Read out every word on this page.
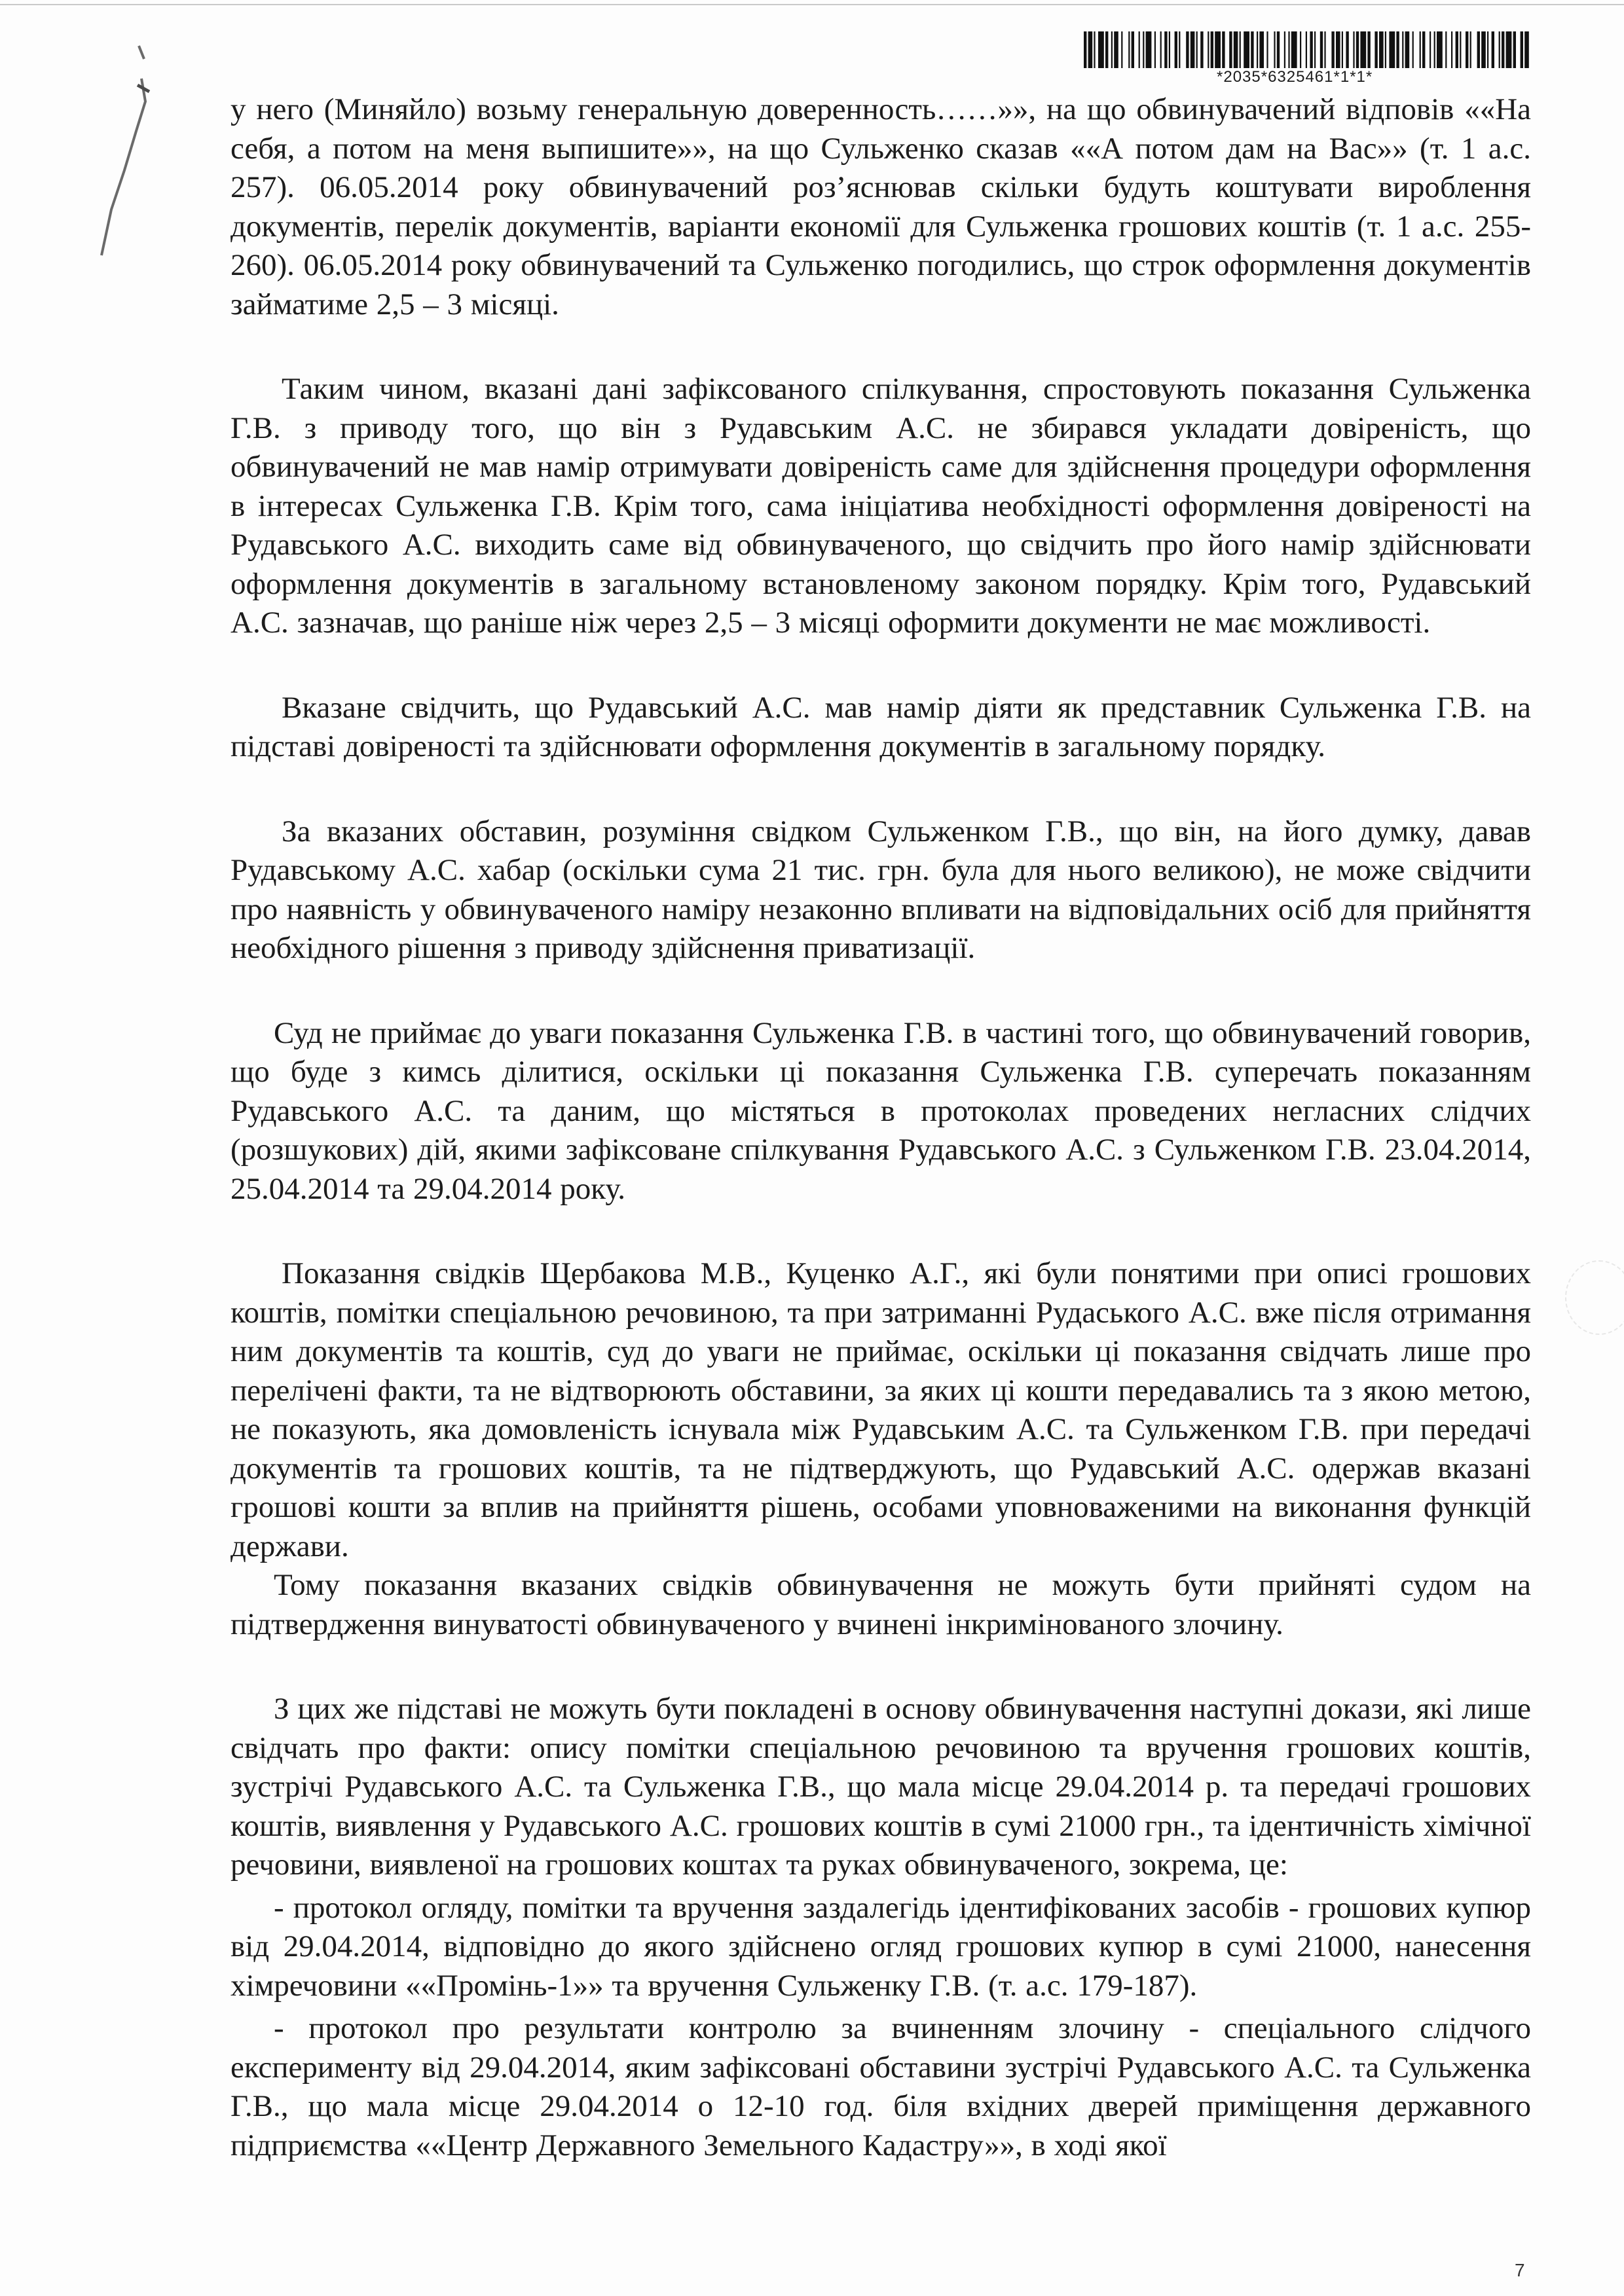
*2035*6325461*1*1*

у него (Миняйло) возьму генеральную доверенность……»», на що обвинувачений відповів ««На себя, а потом на меня выпишите»», на що Сульженко сказав ««А потом дам на Вас»» (т. 1 а.с. 257). 06.05.2014 року обвинувачений роз’яснював скільки будуть коштувати вироблення документів, перелік документів, варіанти економії для Сульженка грошових коштів (т. 1 а.с. 255-260). 06.05.2014 року обвинувачений та Сульженко погодились, що строк оформлення документів займатиме 2,5 – 3 місяці.

Таким чином, вказані дані зафіксованого спілкування, спростовують показання Сульженка Г.В. з приводу того, що він з Рудавським А.С. не збирався укладати довіреність, що обвинувачений не мав намір отримувати довіреність саме для здійснення процедури оформлення в інтересах Сульженка Г.В. Крім того, сама ініціатива необхідності оформлення довіреності на Рудавського А.С. виходить саме від обвинуваченого, що свідчить про його намір здійснювати оформлення документів в загальному встановленому законом порядку. Крім того, Рудавський А.С. зазначав, що раніше ніж через 2,5 – 3 місяці оформити документи не має можливості.

Вказане свідчить, що Рудавський А.С. мав намір діяти як представник Сульженка Г.В. на підставі довіреності та здійснювати оформлення документів в загальному порядку.

За вказаних обставин, розуміння свідком Сульженком Г.В., що він, на його думку, давав Рудавському А.С. хабар (оскільки сума 21 тис. грн. була для нього великою), не може свідчити про наявність у обвинуваченого наміру незаконно впливати на відповідальних осіб для прийняття необхідного рішення з приводу здійснення приватизації.

Суд не приймає до уваги показання Сульженка Г.В. в частині того, що обвинувачений говорив, що буде з кимсь ділитися, оскільки ці показання Сульженка Г.В. суперечать показанням Рудавського А.С. та даним, що містяться в протоколах проведених негласних слідчих (розшукових) дій, якими зафіксоване спілкування Рудавського А.С. з Сульженком Г.В. 23.04.2014, 25.04.2014 та 29.04.2014 року.

Показання свідків Щербакова М.В., Куценко А.Г., які були понятими при описі грошових коштів, помітки спеціальною речовиною, та при затриманні Рудаського А.С. вже після отримання ним документів та коштів, суд до уваги не приймає, оскільки ці показання свідчать лише про перелічені факти, та не відтворюють обставини, за яких ці кошти передавались та з якою метою, не показують, яка домовленість існувала між Рудавським А.С. та Сульженком Г.В. при передачі документів та грошових коштів, та не підтверджують, що Рудавський А.С. одержав вказані грошові кошти за вплив на прийняття рішень, особами уповноваженими на виконання функцій держави.

Тому показання вказаних свідків обвинувачення не можуть бути прийняті судом на підтвердження винуватості обвинуваченого у вчинені інкримінованого злочину.

З цих же підставі не можуть бути покладені в основу обвинувачення наступні докази, які лише свідчать про факти: опису помітки спеціальною речовиною та вручення грошових коштів, зустрічі Рудавського А.С. та Сульженка Г.В., що мала місце 29.04.2014 р. та передачі грошових коштів, виявлення у Рудавського А.С. грошових коштів в сумі 21000 грн., та ідентичність хімічної речовини, виявленої на грошових коштах та руках обвинуваченого, зокрема, це:

- протокол огляду, помітки та вручення заздалегідь ідентифікованих засобів - грошових купюр від 29.04.2014, відповідно до якого здійснено огляд грошових купюр в сумі 21000, нанесення хімречовини ««Промінь-1»» та вручення Сульженку Г.В. (т. а.с. 179-187).

- протокол про результати контролю за вчиненням злочину - спеціального слідчого експерименту від 29.04.2014, яким зафіксовані обставини зустрічі Рудавського А.С. та Сульженка Г.В., що мала місце 29.04.2014 о 12-10 год. біля вхідних дверей приміщення державного підприємства ««Центр Державного Земельного Кадастру»», в ході якої

7
